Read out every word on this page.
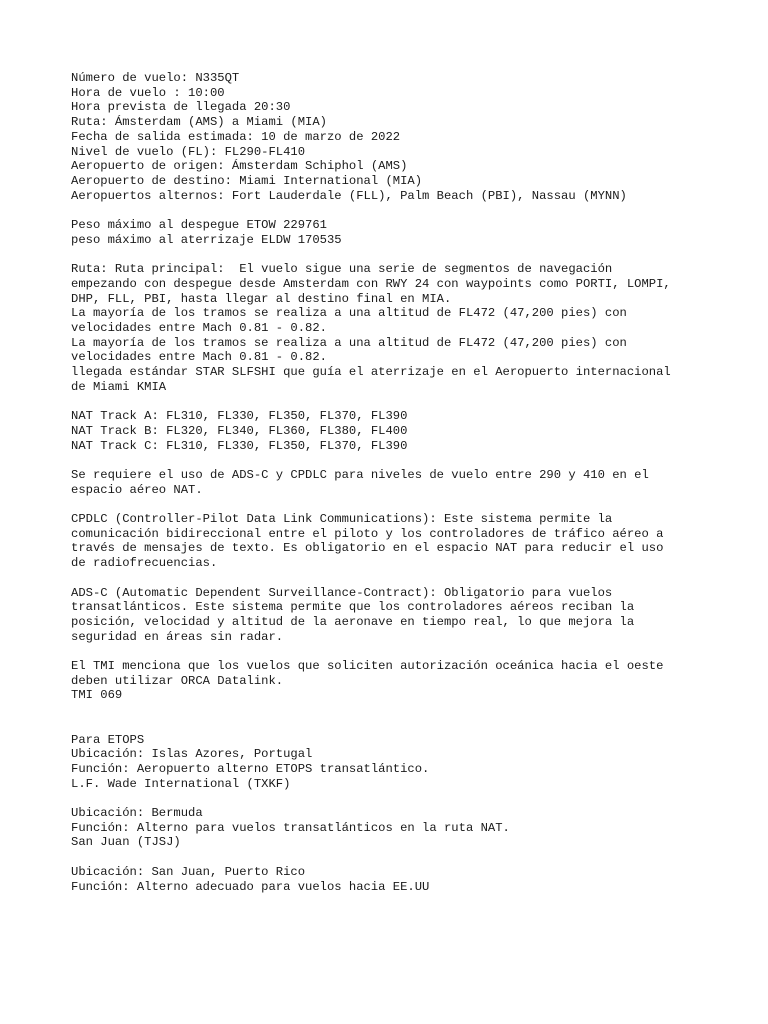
Número de vuelo: N335QT
Hora de vuelo : 10:00
Hora prevista de llegada 20:30
Ruta: Ámsterdam (AMS) a Miami (MIA)
Fecha de salida estimada: 10 de marzo de 2022
Nivel de vuelo (FL): FL290-FL410
Aeropuerto de origen: Ámsterdam Schiphol (AMS)
Aeropuerto de destino: Miami International (MIA)
Aeropuertos alternos: Fort Lauderdale (FLL), Palm Beach (PBI), Nassau (MYNN)
Peso máximo al despegue ETOW 229761
peso máximo al aterrizaje ELDW 170535
Ruta: Ruta principal:  El vuelo sigue una serie de segmentos de navegación
empezando con despegue desde Amsterdam con RWY 24 con waypoints como PORTI, LOMPI,
DHP, FLL, PBI, hasta llegar al destino final en MIA.
La mayoría de los tramos se realiza a una altitud de FL472 (47,200 pies) con
velocidades entre Mach 0.81 - 0.82.
La mayoría de los tramos se realiza a una altitud de FL472 (47,200 pies) con
velocidades entre Mach 0.81 - 0.82.
llegada estándar STAR SLFSHI que guía el aterrizaje en el Aeropuerto internacional
de Miami KMIA
NAT Track A: FL310, FL330, FL350, FL370, FL390
NAT Track B: FL320, FL340, FL360, FL380, FL400
NAT Track C: FL310, FL330, FL350, FL370, FL390
Se requiere el uso de ADS-C y CPDLC para niveles de vuelo entre 290 y 410 en el
espacio aéreo NAT.
CPDLC (Controller-Pilot Data Link Communications): Este sistema permite la
comunicación bidireccional entre el piloto y los controladores de tráfico aéreo a
través de mensajes de texto. Es obligatorio en el espacio NAT para reducir el uso
de radiofrecuencias.
ADS-C (Automatic Dependent Surveillance-Contract): Obligatorio para vuelos
transatlánticos. Este sistema permite que los controladores aéreos reciban la
posición, velocidad y altitud de la aeronave en tiempo real, lo que mejora la
seguridad en áreas sin radar.
El TMI menciona que los vuelos que soliciten autorización oceánica hacia el oeste
deben utilizar ORCA Datalink.
TMI 069
Para ETOPS
Ubicación: Islas Azores, Portugal
Función: Aeropuerto alterno ETOPS transatlántico.
L.F. Wade International (TXKF)
Ubicación: Bermuda
Función: Alterno para vuelos transatlánticos en la ruta NAT.
San Juan (TJSJ)
Ubicación: San Juan, Puerto Rico
Función: Alterno adecuado para vuelos hacia EE.UU
